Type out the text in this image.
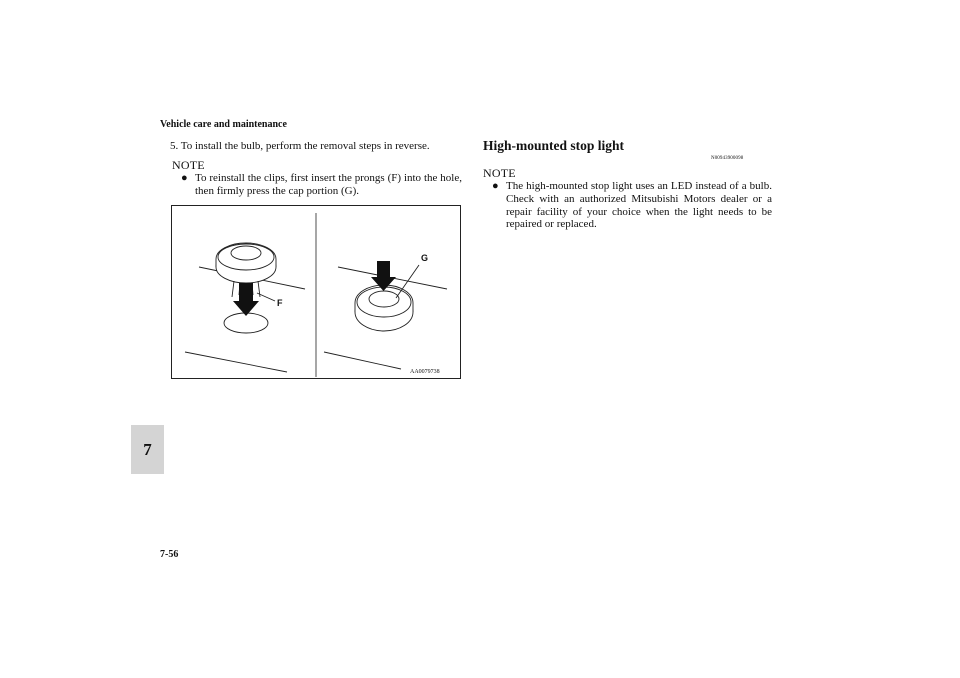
Vehicle care and maintenance
7
7-56
5. To install the bulb, perform the removal steps in reverse.
NOTE
● To reinstall the clips, first insert the prongs (F) into the hole, then firmly press the cap portion (G).
F
G
AA0079738
High-mounted stop light
N00943900098
NOTE
● The high-mounted stop light uses an LED instead of a bulb. Check with an authorized Mitsubishi Motors dealer or a repair facility of your choice when the light needs to be repaired or replaced.
